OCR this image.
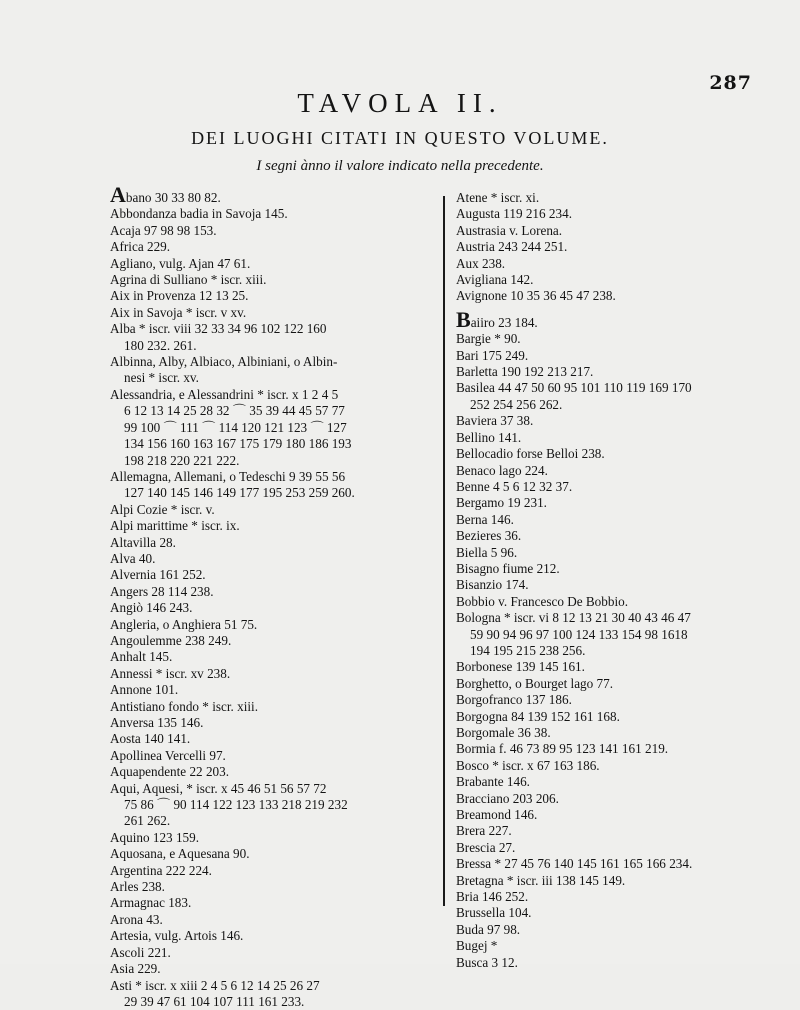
287
TAVOLA II.
DEI LUOGHI CITATI IN QUESTO VOLUME.
I segni ànno il valore indicato nella precedente.
Abano 30 33 80 82.
Abbondanza badia in Savoja 145.
Acaja 97 98 98 153.
Africa 229.
Agliano, vulg. Ajan 47 61.
Agrina di Sulliano * iscr. xiii.
Aix in Provenza 12 13 25.
Aix in Savoja * iscr. v xv.
Alba * iscr. viii 32 33 34 96 102 122 160
180 232. 261.
Albinna, Alby, Albiaco, Albiniani, o Albin-
nesi * iscr. xv.
Alessandria, e Alessandrini * iscr. x 1 2 4 5
6 12 13 14 25 28 32 ⌒ 35 39 44 45 57 77
99 100 ⌒ 111 ⌒ 114 120 121 123 ⌒ 127
134 156 160 163 167 175 179 180 186 193
198 218 220 221 222.
Allemagna, Allemani, o Tedeschi 9 39 55 56
127 140 145 146 149 177 195 253 259 260.
Alpi Cozie * iscr. v.
Alpi marittime * iscr. ix.
Altavilla 28.
Alva 40.
Alvernia 161 252.
Angers 28 114 238.
Angiò 146 243.
Angleria, o Anghiera 51 75.
Angoulemme 238 249.
Anhalt 145.
Annessi * iscr. xv 238.
Annone 101.
Antistiano fondo * iscr. xiii.
Anversa 135 146.
Aosta 140 141.
Apollinea Vercelli 97.
Aquapendente 22 203.
Aqui, Aquesi, * iscr. x 45 46 51 56 57 72
75 86 ⌒ 90 114 122 123 133 218 219 232
261 262.
Aquino 123 159.
Aquosana, e Aquesana 90.
Argentina 222 224.
Arles 238.
Armagnac 183.
Arona 43.
Artesia, vulg. Artois 146.
Ascoli 221.
Asia 229.
Asti * iscr. x xiii 2 4 5 6 12 14 25 26 27
29 39 47 61 104 107 111 161 233.
Atene * iscr. xi.
Augusta 119 216 234.
Austrasia v. Lorena.
Austria 243 244 251.
Aux 238.
Avigliana 142.
Avignone 10 35 36 45 47 238.
Baiiro 23 184.
Bargie * 90.
Bari 175 249.
Barletta 190 192 213 217.
Basilea 44 47 50 60 95 101 110 119 169 170
252 254 256 262.
Baviera 37 38.
Bellino 141.
Bellocadio forse Belloi 238.
Benaco lago 224.
Benne 4 5 6 12 32 37.
Bergamo 19 231.
Berna 146.
Bezieres 36.
Biella 5 96.
Bisagno fiume 212.
Bisanzio 174.
Bobbio v. Francesco De Bobbio.
Bologna * iscr. vi 8 12 13 21 30 40 43 46 47
59 90 94 96 97 100 124 133 154 98 1618
194 195 215 238 256.
Borbonese 139 145 161.
Borghetto, o Bourget lago 77.
Borgofranco 137 186.
Borgogna 84 139 152 161 168.
Borgomale 36 38.
Bormia f. 46 73 89 95 123 141 161 219.
Bosco * iscr. x 67 163 186.
Brabante 146.
Bracciano 203 206.
Breamond 146.
Brera 227.
Brescia 27.
Bressa * 27 45 76 140 145 161 165 166 234.
Bretagna * iscr. iii 138 145 149.
Bria 146 252.
Brussella 104.
Buda 97 98.
Bugej *
Busca 3 12.
